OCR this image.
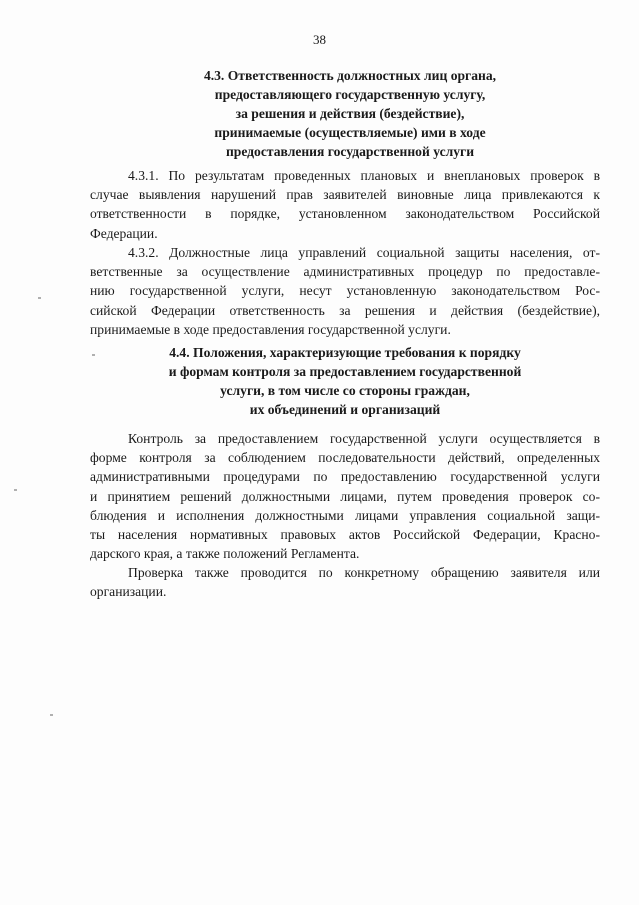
38
4.3. Ответственность должностных лиц органа,
предоставляющего государственную услугу,
за решения и действия (бездействие),
принимаемые (осуществляемые) ими в ходе
предоставления государственной услуги
4.3.1. По результатам проведенных плановых и внеплановых проверок в
случае выявления нарушений прав заявителей виновные лица привлекаются к
ответственности в порядке, установленном законодательством Российской
Федерации.
4.3.2. Должностные лица управлений социальной защиты населения, от-
ветственные за осуществление административных процедур по предоставле-
нию государственной услуги, несут установленную законодательством Рос-
сийской Федерации ответственность за решения и действия (бездействие),
принимаемые в ходе предоставления государственной услуги.
4.4. Положения, характеризующие требования к порядку
и формам контроля за предоставлением государственной
услуги, в том числе со стороны граждан,
их объединений и организаций
Контроль за предоставлением государственной услуги осуществляется в
форме контроля за соблюдением последовательности действий, определенных
административными процедурами по предоставлению государственной услуги
и принятием решений должностными лицами, путем проведения проверок со-
блюдения и исполнения должностными лицами управления социальной защи-
ты населения нормативных правовых актов Российской Федерации, Красно-
дарского края, а также положений Регламента.
Проверка также проводится по конкретному обращению заявителя или
организации.
